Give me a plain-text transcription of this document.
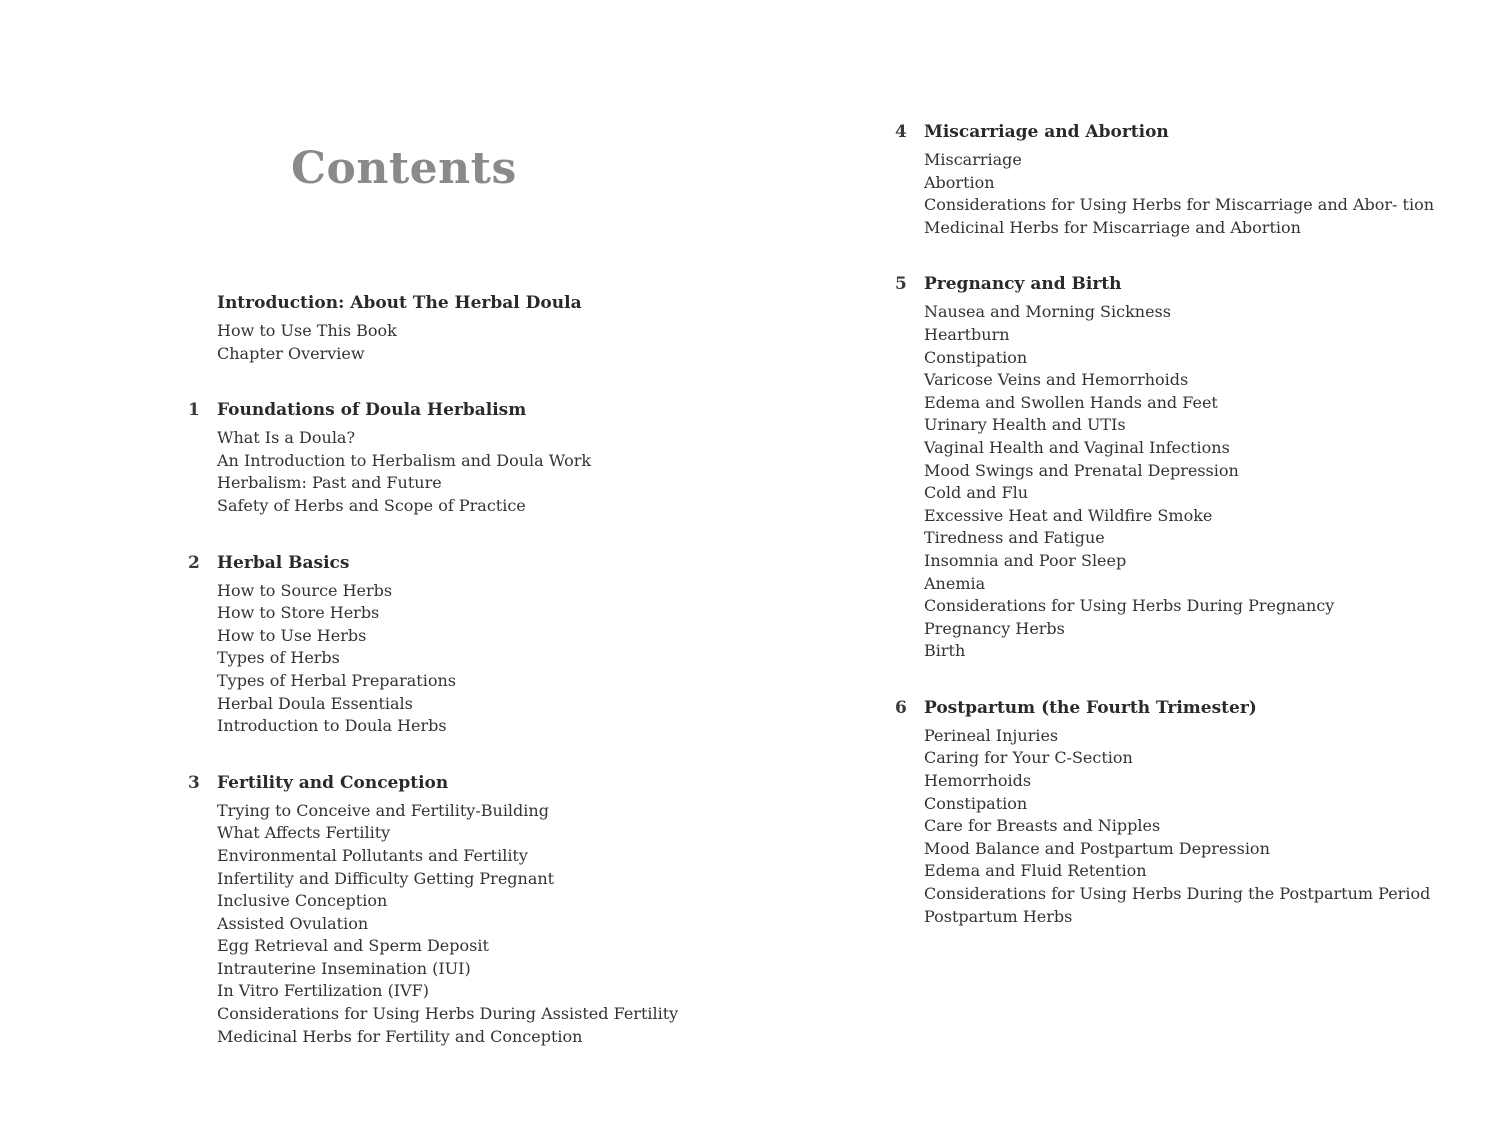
Contents
Introduction: About The Herbal Doula
How to Use This Book
Chapter Overview
1	Foundations of Doula Herbalism
What Is a Doula?
An Introduction to Herbalism and Doula Work
Herbalism: Past and Future
Safety of Herbs and Scope of Practice
2	Herbal Basics
How to Source Herbs
How to Store Herbs
How to Use Herbs
Types of Herbs
Types of Herbal Preparations
Herbal Doula Essentials
Introduction to Doula Herbs
3	Fertility and Conception
Trying to Conceive and Fertility-Building
What Affects Fertility
Environmental Pollutants and Fertility
Infertility and Difficulty Getting Pregnant
Inclusive Conception
Assisted Ovulation
Egg Retrieval and Sperm Deposit
Intrauterine Insemination (IUI)
In Vitro Fertilization (IVF)
Considerations for Using Herbs During Assisted Fertility
Medicinal Herbs for Fertility and Conception
4	Miscarriage and Abortion
Miscarriage
Abortion
Considerations for Using Herbs for Miscarriage and Abor- tion
Medicinal Herbs for Miscarriage and Abortion
5	Pregnancy and Birth
Nausea and Morning Sickness
Heartburn
Constipation
Varicose Veins and Hemorrhoids
Edema and Swollen Hands and Feet
Urinary Health and UTIs
Vaginal Health and Vaginal Infections
Mood Swings and Prenatal Depression
Cold and Flu
Excessive Heat and Wildfire Smoke
Tiredness and Fatigue
Insomnia and Poor Sleep
Anemia
Considerations for Using Herbs During Pregnancy
Pregnancy Herbs
Birth
6	Postpartum (the Fourth Trimester)
Perineal Injuries
Caring for Your C-Section
Hemorrhoids
Constipation
Care for Breasts and Nipples
Mood Balance and Postpartum Depression
Edema and Fluid Retention
Considerations for Using Herbs During the Postpartum Period
Postpartum Herbs
